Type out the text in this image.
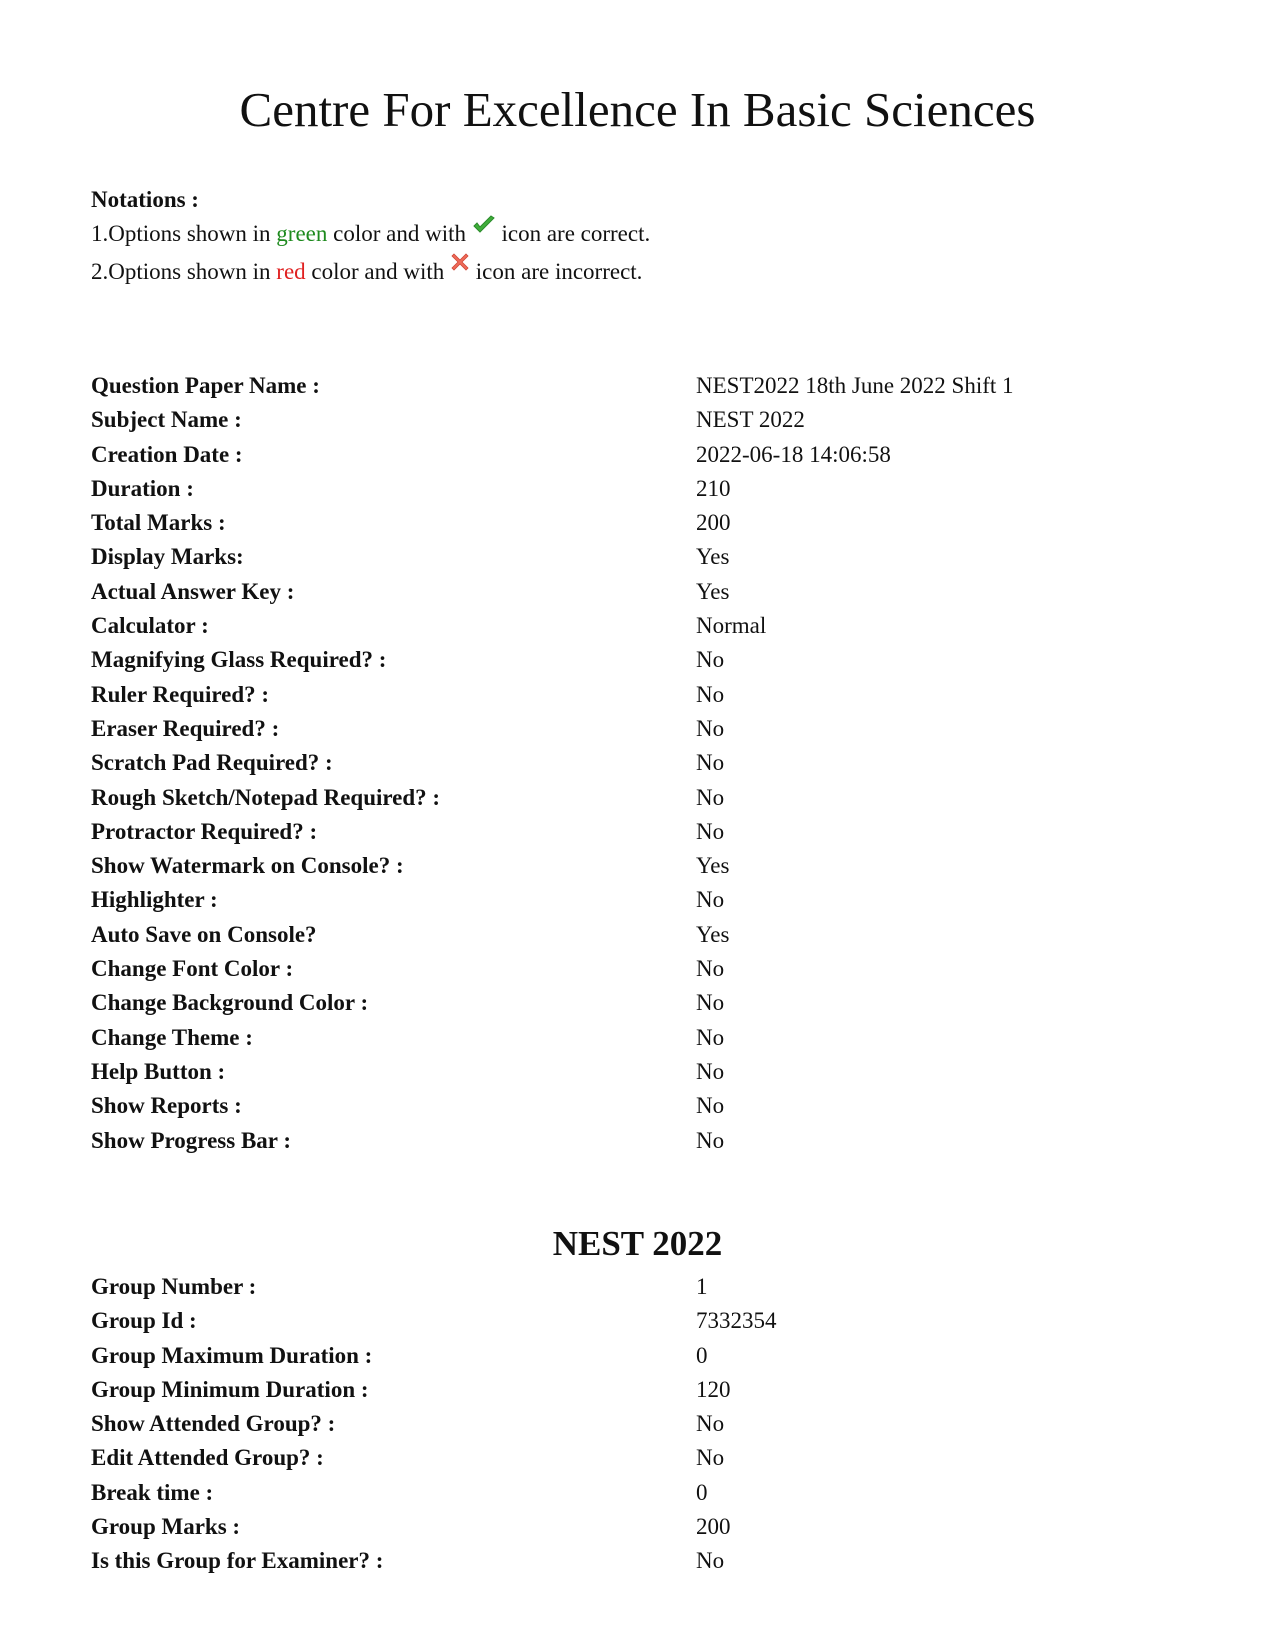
Centre For Excellence In Basic Sciences
Notations :
1.Options shown in green color and with icon are correct.
2.Options shown in red color and with icon are incorrect.
Question Paper Name :	NEST2022 18th June 2022 Shift 1
Subject Name :	NEST 2022
Creation Date :	2022-06-18 14:06:58
Duration :	210
Total Marks :	200
Display Marks:	Yes
Actual Answer Key :	Yes
Calculator :	Normal
Magnifying Glass Required? :	No
Ruler Required? :	No
Eraser Required? :	No
Scratch Pad Required? :	No
Rough Sketch/Notepad Required? :	No
Protractor Required? :	No
Show Watermark on Console? :	Yes
Highlighter :	No
Auto Save on Console?	Yes
Change Font Color :	No
Change Background Color :	No
Change Theme :	No
Help Button :	No
Show Reports :	No
Show Progress Bar :	No
NEST 2022
Group Number :	1
Group Id :	7332354
Group Maximum Duration :	0
Group Minimum Duration :	120
Show Attended Group? :	No
Edit Attended Group? :	No
Break time :	0
Group Marks :	200
Is this Group for Examiner? :	No
